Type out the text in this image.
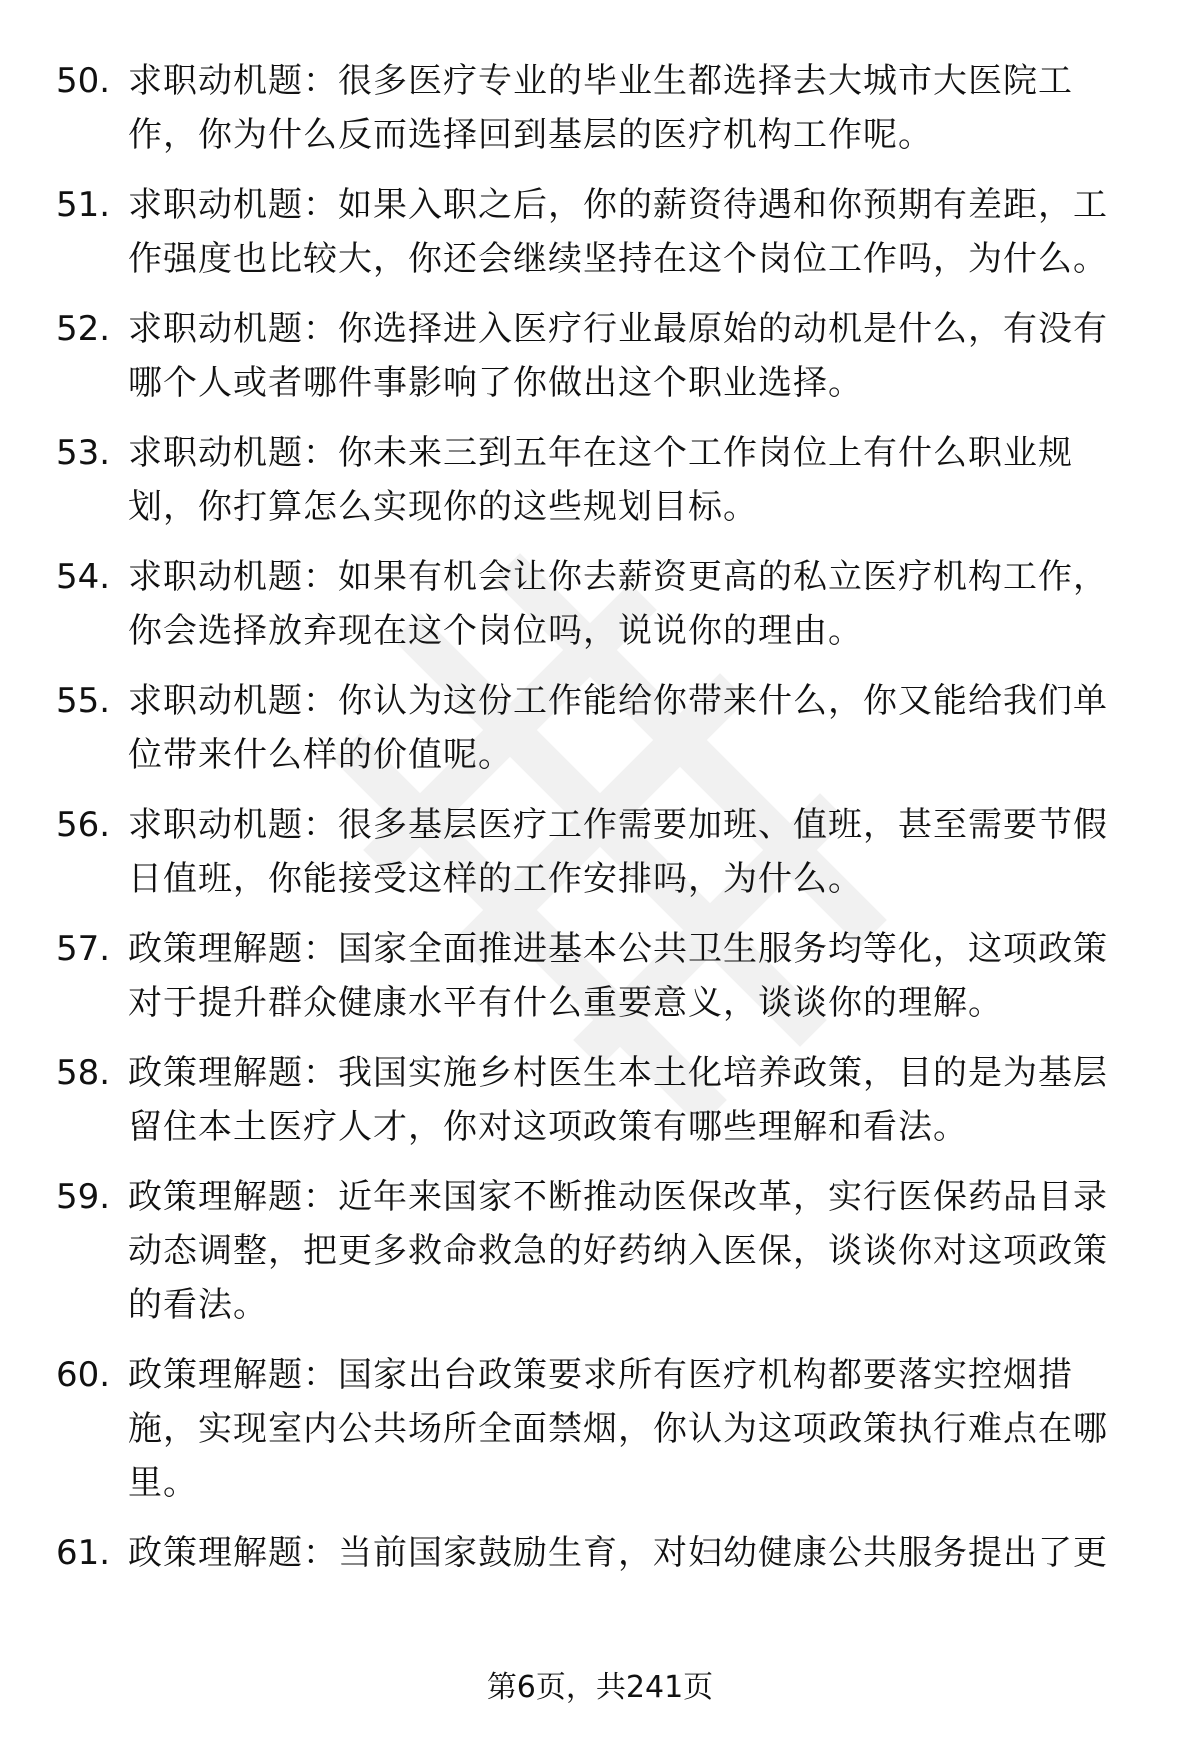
50. 求职动机题：很多医疗专业的毕业生都选择去大城市大医院工作，你为什么反而选择回到基层的医疗机构工作呢。
51. 求职动机题：如果入职之后，你的薪资待遇和你预期有差距，工作强度也比较大，你还会继续坚持在这个岗位工作吗，为什么。
52. 求职动机题：你选择进入医疗行业最原始的动机是什么，有没有哪个人或者哪件事影响了你做出这个职业选择。
53. 求职动机题：你未来三到五年在这个工作岗位上有什么职业规划，你打算怎么实现你的这些规划目标。
54. 求职动机题：如果有机会让你去薪资更高的私立医疗机构工作，你会选择放弃现在这个岗位吗，说说你的理由。
55. 求职动机题：你认为这份工作能给你带来什么，你又能给我们单位带来什么样的价值呢。
56. 求职动机题：很多基层医疗工作需要加班、值班，甚至需要节假日值班，你能接受这样的工作安排吗，为什么。
57. 政策理解题：国家全面推进基本公共卫生服务均等化，这项政策对于提升群众健康水平有什么重要意义，谈谈你的理解。
58. 政策理解题：我国实施乡村医生本土化培养政策，目的是为基层留住本土医疗人才，你对这项政策有哪些理解和看法。
59. 政策理解题：近年来国家不断推动医保改革，实行医保药品目录动态调整，把更多救命救急的好药纳入医保，谈谈你对这项政策的看法。
60. 政策理解题：国家出台政策要求所有医疗机构都要落实控烟措施，实现室内公共场所全面禁烟，你认为这项政策执行难点在哪里。
61. 政策理解题：当前国家鼓励生育，对妇幼健康公共服务提出了更
第6页，共241页
